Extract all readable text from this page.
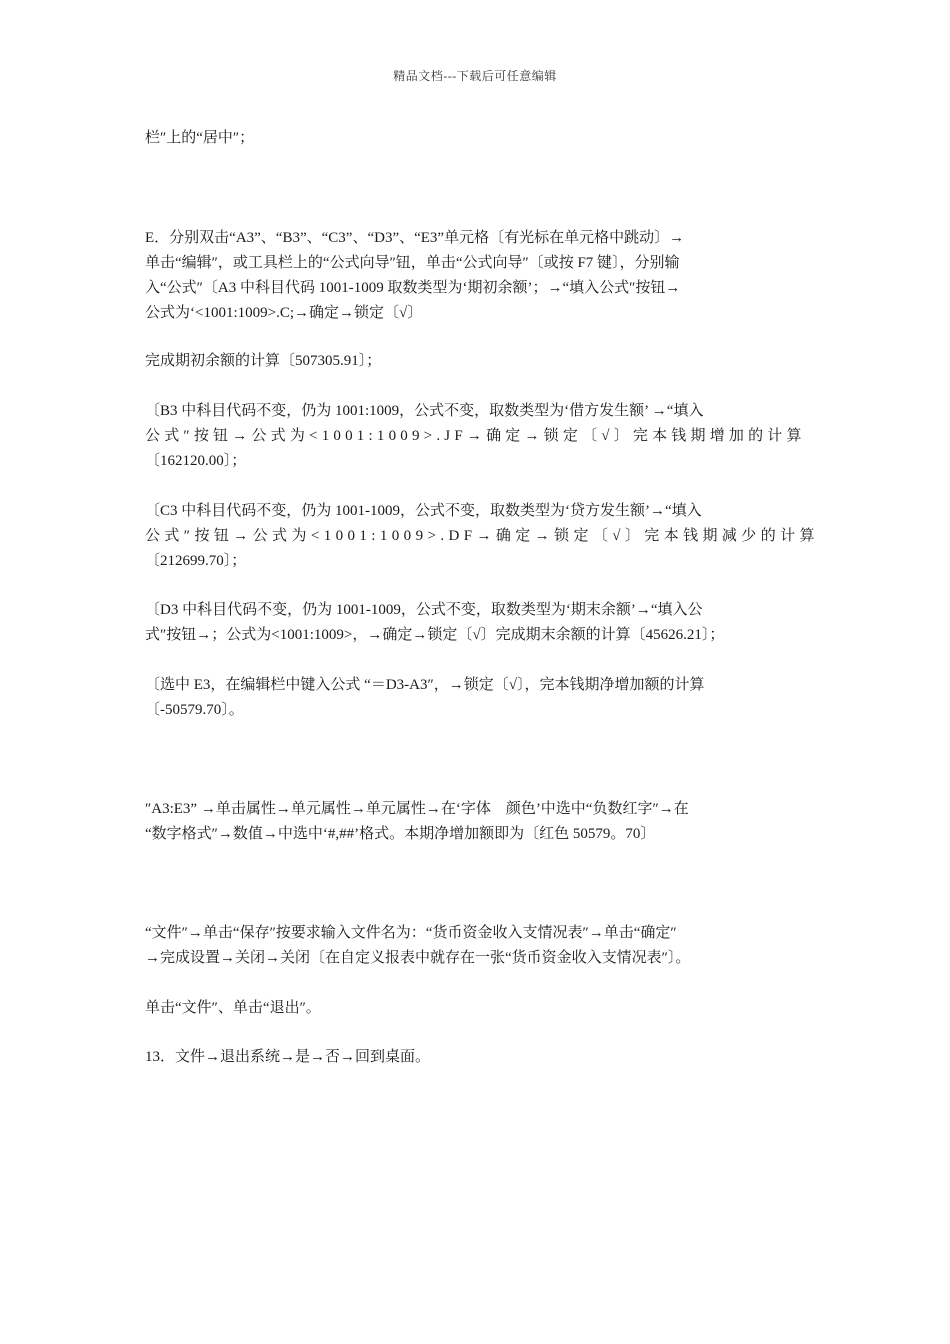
精品文档---下载后可任意编辑

栏″上的“居中″；

E．分别双击“A3”、“B3”、“C3”、“D3”、“E3”单元格〔有光标在单元格中跳动〕→
单击“编辑″，或工具栏上的“公式向导″钮，单击“公式向导″〔或按 F7 键〕，分别输
入“公式″〔A3 中科目代码 1001-1009 取数类型为‘期初余额’；→“填入公式″按钮→
公式为‘<1001:1009>.C;→确定→锁定〔√〕

完成期初余额的计算〔507305.91〕；

〔B3 中科目代码不变，仍为 1001:1009，公式不变，取数类型为‘借方发生额’ →“填入
公式″按钮→公式为<1001:1009>.JF→确定→锁定〔√〕完本钱期增加的计算
〔162120.00〕；

〔C3 中科目代码不变，仍为 1001-1009，公式不变，取数类型为‘贷方发生额’→“填入
公式″按钮→公式为<1001:1009>.DF→确定→锁定〔√〕完本钱期减少的计算
〔212699.70〕；

〔D3 中科目代码不变，仍为 1001-1009，公式不变，取数类型为‘期末余额’→“填入公
式″按钮→；公式为<1001:1009>，→确定→锁定〔√〕完成期末余额的计算〔45626.21〕；

〔选中 E3，在编辑栏中键入公式 “＝D3-A3″，→锁定〔√〕，完本钱期净增加额的计算
〔-50579.70〕。

″A3:E3” →单击属性→单元属性→单元属性→在‘字体　颜色’中选中“负数红字″→在
“数字格式″→数值→中选中‘#,##’格式。本期净增加额即为〔红色 50579。70〕

“文件″→单击“保存″按要求输入文件名为：“货币资金收入支情况表″→单击“确定″
→完成设置→关闭→关闭〔在自定义报表中就存在一张“货币资金收入支情况表″〕。

单击“文件″、单击“退出″。

13．文件→退出系统→是→否→回到桌面。
